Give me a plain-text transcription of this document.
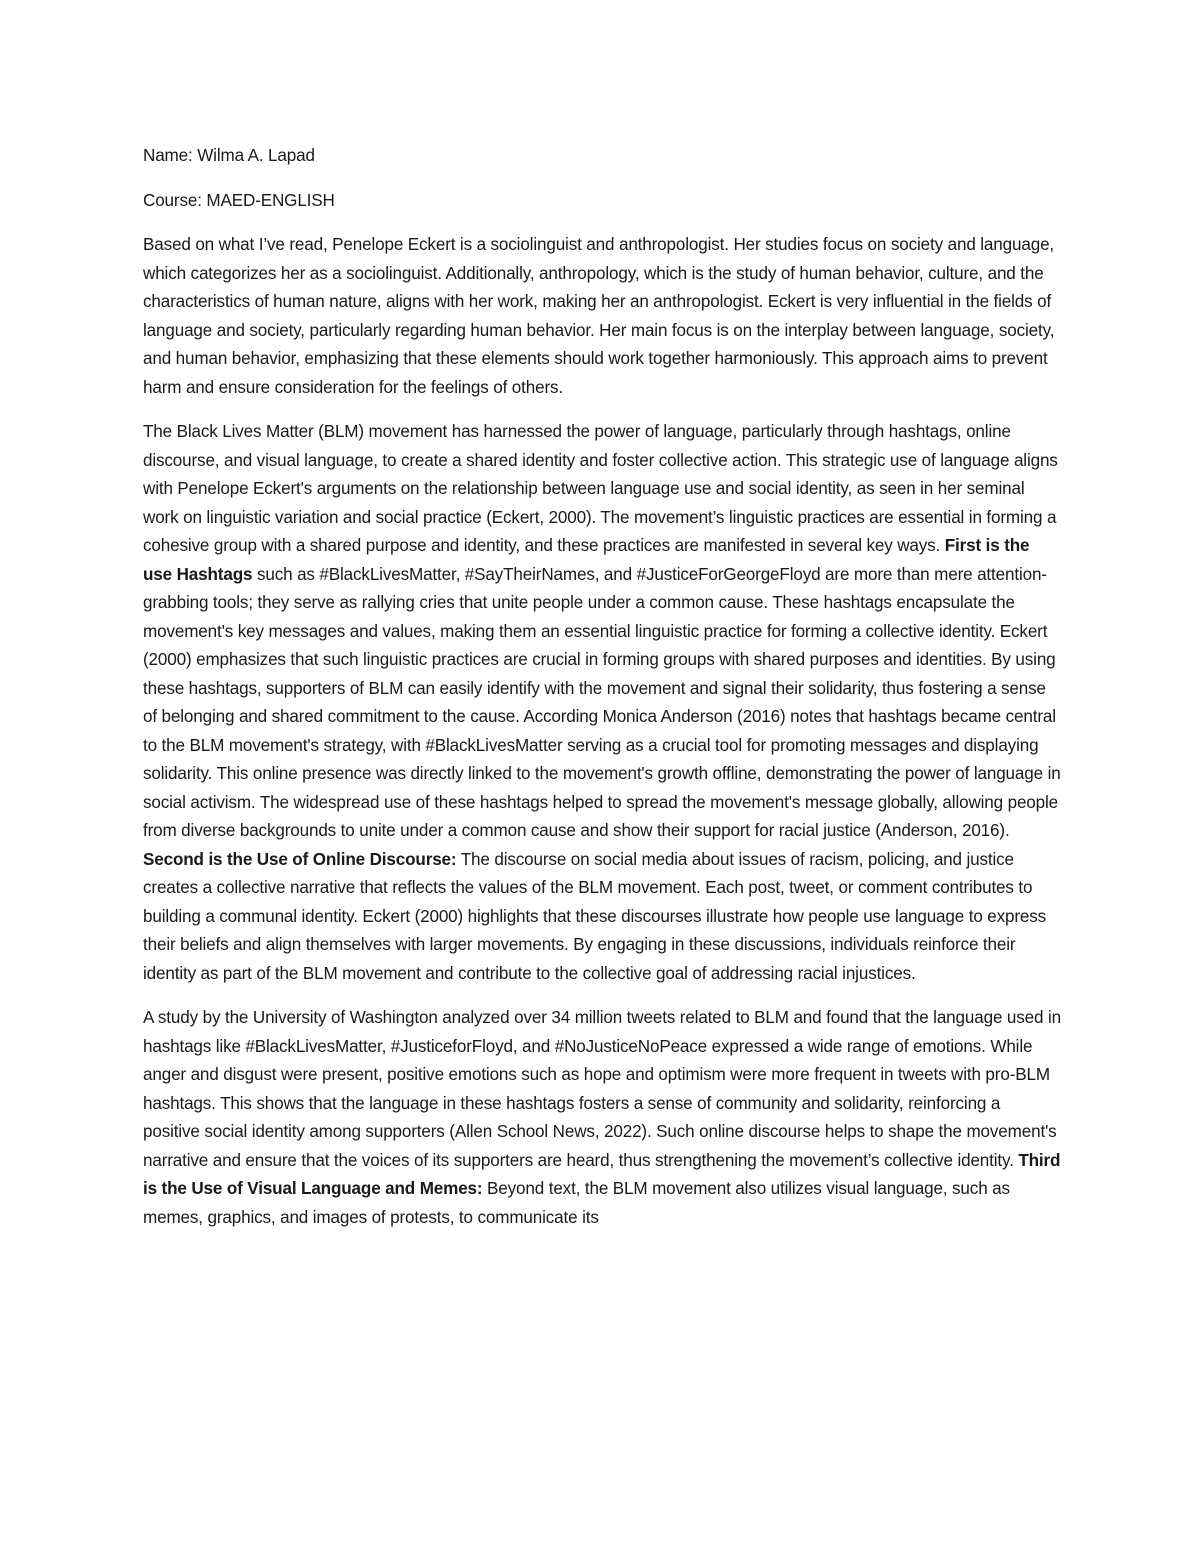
Name: Wilma A. Lapad

Course: MAED-ENGLISH

Based on what I’ve read, Penelope Eckert is a sociolinguist and anthropologist. Her studies focus on society and language, which categorizes her as a sociolinguist. Additionally, anthropology, which is the study of human behavior, culture, and the characteristics of human nature, aligns with her work, making her an anthropologist. Eckert is very influential in the fields of language and society, particularly regarding human behavior. Her main focus is on the interplay between language, society, and human behavior, emphasizing that these elements should work together harmoniously. This approach aims to prevent harm and ensure consideration for the feelings of others.

The Black Lives Matter (BLM) movement has harnessed the power of language, particularly through hashtags, online discourse, and visual language, to create a shared identity and foster collective action. This strategic use of language aligns with Penelope Eckert's arguments on the relationship between language use and social identity, as seen in her seminal work on linguistic variation and social practice (Eckert, 2000). The movement’s linguistic practices are essential in forming a cohesive group with a shared purpose and identity, and these practices are manifested in several key ways. First is the use Hashtags such as #BlackLivesMatter, #SayTheirNames, and #JusticeForGeorgeFloyd are more than mere attention-grabbing tools; they serve as rallying cries that unite people under a common cause. These hashtags encapsulate the movement's key messages and values, making them an essential linguistic practice for forming a collective identity. Eckert (2000) emphasizes that such linguistic practices are crucial in forming groups with shared purposes and identities. By using these hashtags, supporters of BLM can easily identify with the movement and signal their solidarity, thus fostering a sense of belonging and shared commitment to the cause. According Monica Anderson (2016) notes that hashtags became central to the BLM movement's strategy, with #BlackLivesMatter serving as a crucial tool for promoting messages and displaying solidarity. This online presence was directly linked to the movement's growth offline, demonstrating the power of language in social activism. The widespread use of these hashtags helped to spread the movement's message globally, allowing people from diverse backgrounds to unite under a common cause and show their support for racial justice (Anderson, 2016). Second is the Use of Online Discourse: The discourse on social media about issues of racism, policing, and justice creates a collective narrative that reflects the values of the BLM movement. Each post, tweet, or comment contributes to building a communal identity. Eckert (2000) highlights that these discourses illustrate how people use language to express their beliefs and align themselves with larger movements. By engaging in these discussions, individuals reinforce their identity as part of the BLM movement and contribute to the collective goal of addressing racial injustices.

A study by the University of Washington analyzed over 34 million tweets related to BLM and found that the language used in hashtags like #BlackLivesMatter, #JusticeforFloyd, and #NoJusticeNoPeace expressed a wide range of emotions. While anger and disgust were present, positive emotions such as hope and optimism were more frequent in tweets with pro-BLM hashtags. This shows that the language in these hashtags fosters a sense of community and solidarity, reinforcing a positive social identity among supporters (Allen School News, 2022). Such online discourse helps to shape the movement's narrative and ensure that the voices of its supporters are heard, thus strengthening the movement’s collective identity. Third is the Use of Visual Language and Memes: Beyond text, the BLM movement also utilizes visual language, such as memes, graphics, and images of protests, to communicate its
